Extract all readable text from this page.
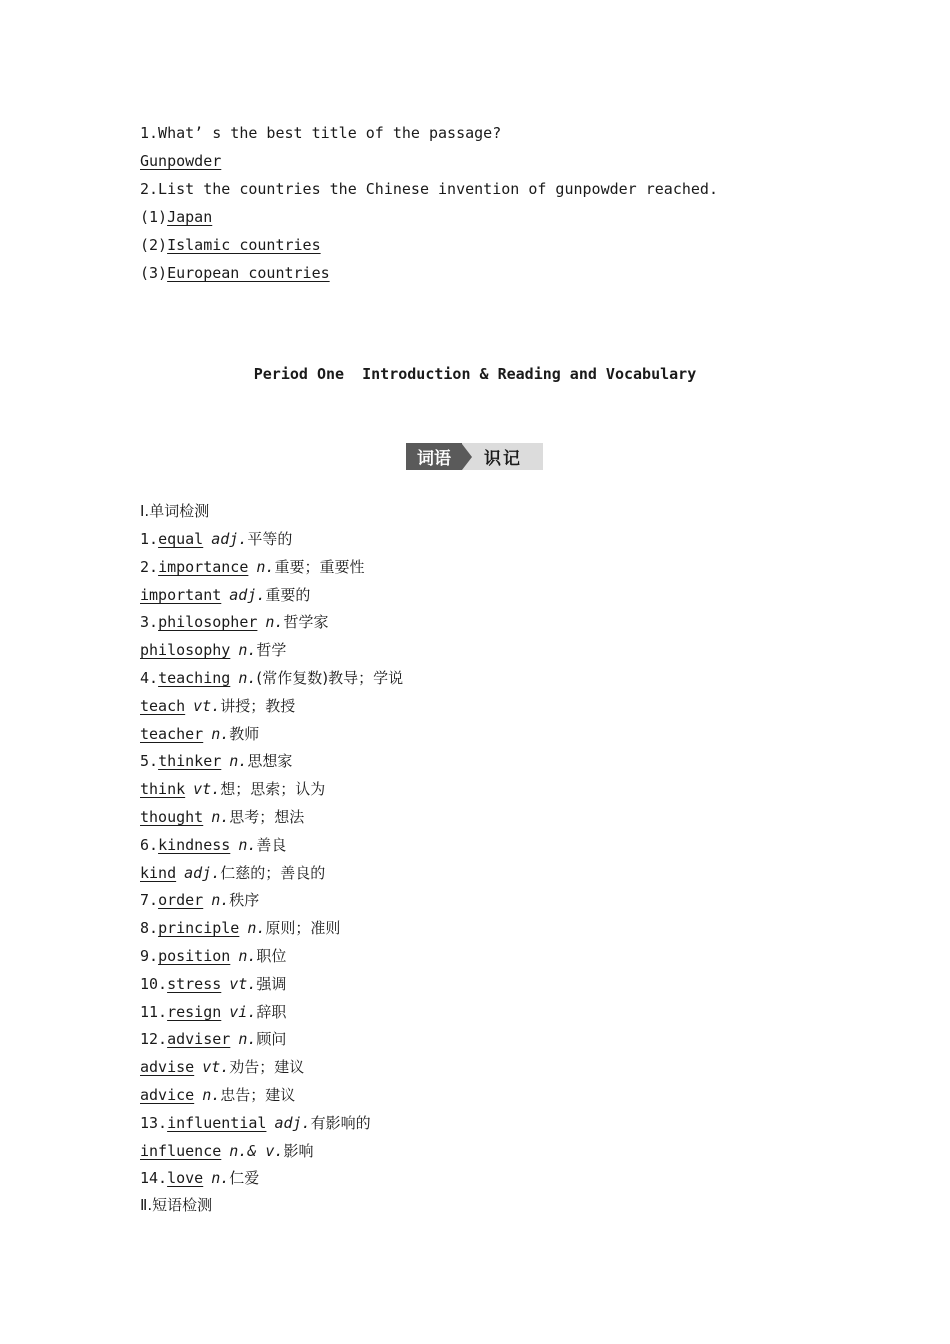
1.What’ s the best title of the passage?
Gunpowder
2.List the countries the Chinese invention of gunpowder reached.
(1)Japan
(2)Islamic countries
(3)European countries
Period One  Introduction & Reading and Vocabulary
词语	识记
Ⅰ.单词检测
1.equal adj.平等的
2.importance n.重要；重要性
important adj.重要的
3.philosopher n.哲学家
philosophy n.哲学
4.teaching n.(常作复数)教导；学说
teach vt.讲授；教授
teacher n.教师
5.thinker n.思想家
think vt.想；思索；认为
thought n.思考；想法
6.kindness n.善良
kind adj.仁慈的；善良的
7.order n.秩序
8.principle n.原则；准则
9.position n.职位
10.stress vt.强调
11.resign vi.辞职
12.adviser n.顾问
advise vt.劝告；建议
advice n.忠告；建议
13.influential adj.有影响的
influence n.& v.影响
14.love n.仁爱
Ⅱ.短语检测
